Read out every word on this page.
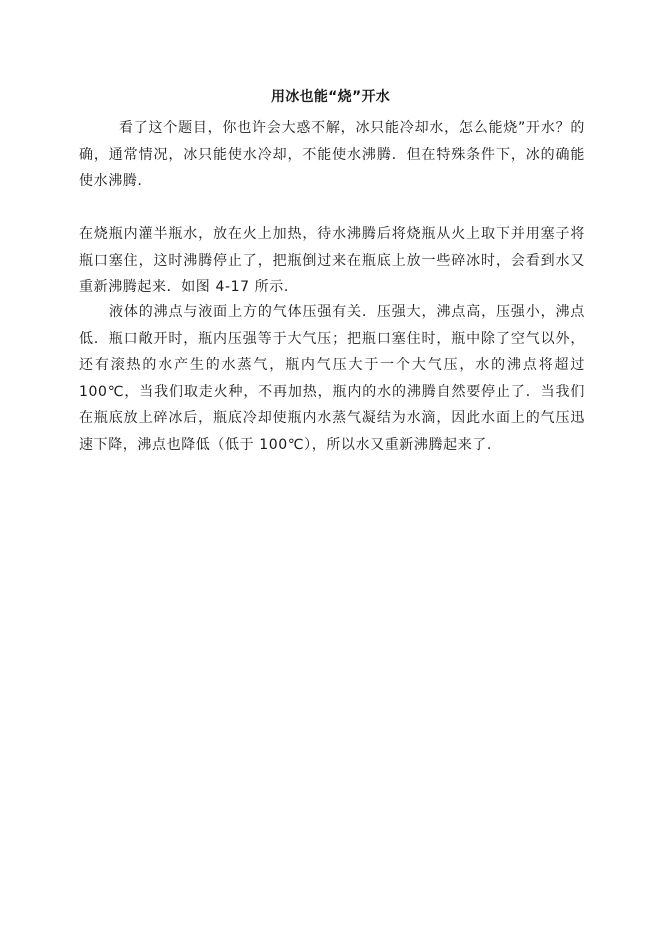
用冰也能“烧”开水

看了这个题目，你也许会大惑不解，冰只能冷却水，怎么能烧”开水？的确，通常情况，冰只能使水冷却，不能使水沸腾．但在特殊条件下，冰的确能使水沸腾.

在烧瓶内灌半瓶水，放在火上加热，待水沸腾后将烧瓶从火上取下并用塞子将瓶口塞住，这时沸腾停止了，把瓶倒过来在瓶底上放一些碎冰时，会看到水又重新沸腾起来．如图 4-17 所示.

液体的沸点与液面上方的气体压强有关．压强大，沸点高，压强小，沸点低．瓶口敞开时，瓶内压强等于大气压；把瓶口塞住时，瓶中除了空气以外，还有滚热的水产生的水蒸气，瓶内气压大于一个大气压，水的沸点将超过 100℃，当我们取走火种，不再加热，瓶内的水的沸腾自然要停止了．当我们在瓶底放上碎冰后，瓶底冷却使瓶内水蒸气凝结为水滴，因此水面上的气压迅速下降，沸点也降低（低于 100℃），所以水又重新沸腾起来了.
